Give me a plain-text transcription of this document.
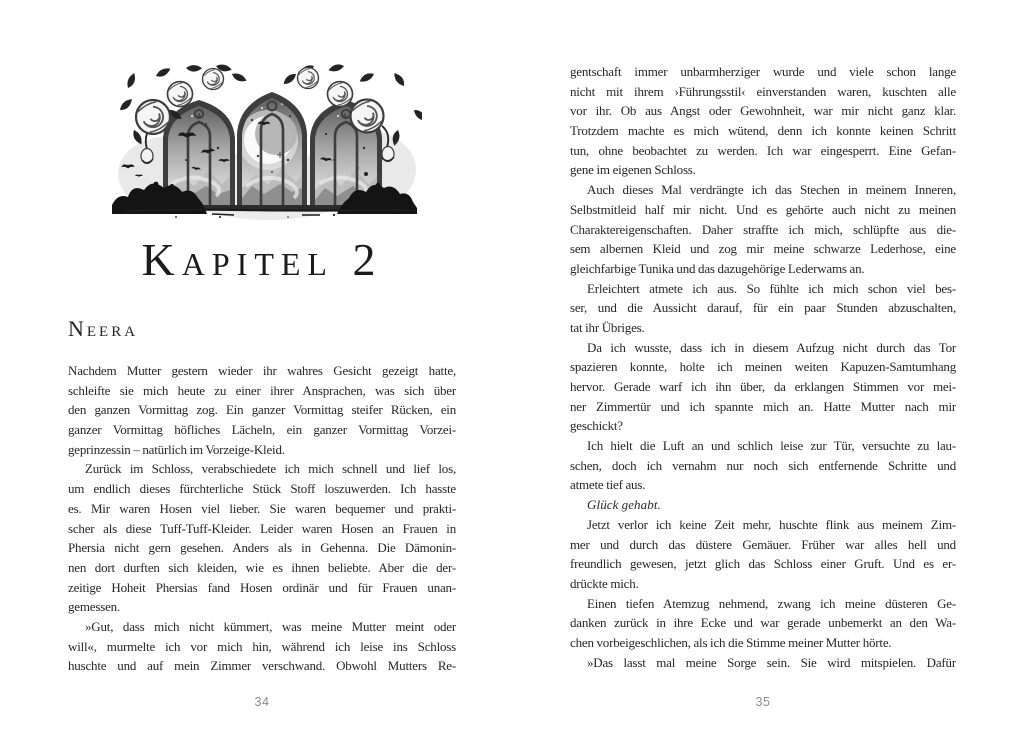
Kapitel 2
Neera
Nachdem Mutter gestern wieder ihr wahres Gesicht gezeigt hatte,
schleifte sie mich heute zu einer ihrer Ansprachen, was sich über
den ganzen Vormittag zog. Ein ganzer Vormittag steifer Rücken, ein
ganzer Vormittag höfliches Lächeln, ein ganzer Vormittag Vorzei-
geprinzessin – natürlich im Vorzeige-Kleid.
Zurück im Schloss, verabschiedete ich mich schnell und lief los,
um endlich dieses fürchterliche Stück Stoff loszuwerden. Ich hasste
es. Mir waren Hosen viel lieber. Sie waren bequemer und prakti-
scher als diese Tuff-Tuff-Kleider. Leider waren Hosen an Frauen in
Phersia nicht gern gesehen. Anders als in Gehenna. Die Dämonin-
nen dort durften sich kleiden, wie es ihnen beliebte. Aber die der-
zeitige Hoheit Phersias fand Hosen ordinär und für Frauen unan-
gemessen.
»Gut, dass mich nicht kümmert, was meine Mutter meint oder
will«, murmelte ich vor mich hin, während ich leise ins Schloss
huschte und auf mein Zimmer verschwand. Obwohl Mutters Re-
34
gentschaft immer unbarmherziger wurde und viele schon lange
nicht mit ihrem ›Führungsstil‹ einverstanden waren, kuschten alle
vor ihr. Ob aus Angst oder Gewohnheit, war mir nicht ganz klar.
Trotzdem machte es mich wütend, denn ich konnte keinen Schritt
tun, ohne beobachtet zu werden. Ich war eingesperrt. Eine Gefan-
gene im eigenen Schloss.
Auch dieses Mal verdrängte ich das Stechen in meinem Inneren,
Selbstmitleid half mir nicht. Und es gehörte auch nicht zu meinen
Charaktereigenschaften. Daher straffte ich mich, schlüpfte aus die-
sem albernen Kleid und zog mir meine schwarze Lederhose, eine
gleichfarbige Tunika und das dazugehörige Lederwams an.
Erleichtert atmete ich aus. So fühlte ich mich schon viel bes-
ser, und die Aussicht darauf, für ein paar Stunden abzuschalten,
tat ihr Übriges.
Da ich wusste, dass ich in diesem Aufzug nicht durch das Tor
spazieren konnte, holte ich meinen weiten Kapuzen-Samtumhang
hervor. Gerade warf ich ihn über, da erklangen Stimmen vor mei-
ner Zimmertür und ich spannte mich an. Hatte Mutter nach mir
geschickt?
Ich hielt die Luft an und schlich leise zur Tür, versuchte zu lau-
schen, doch ich vernahm nur noch sich entfernende Schritte und
atmete tief aus.
Glück gehabt.
Jetzt verlor ich keine Zeit mehr, huschte flink aus meinem Zim-
mer und durch das düstere Gemäuer. Früher war alles hell und
freundlich gewesen, jetzt glich das Schloss einer Gruft. Und es er-
drückte mich.
Einen tiefen Atemzug nehmend, zwang ich meine düsteren Ge-
danken zurück in ihre Ecke und war gerade unbemerkt an den Wa-
chen vorbeigeschlichen, als ich die Stimme meiner Mutter hörte.
»Das lasst mal meine Sorge sein. Sie wird mitspielen. Dafür
35
